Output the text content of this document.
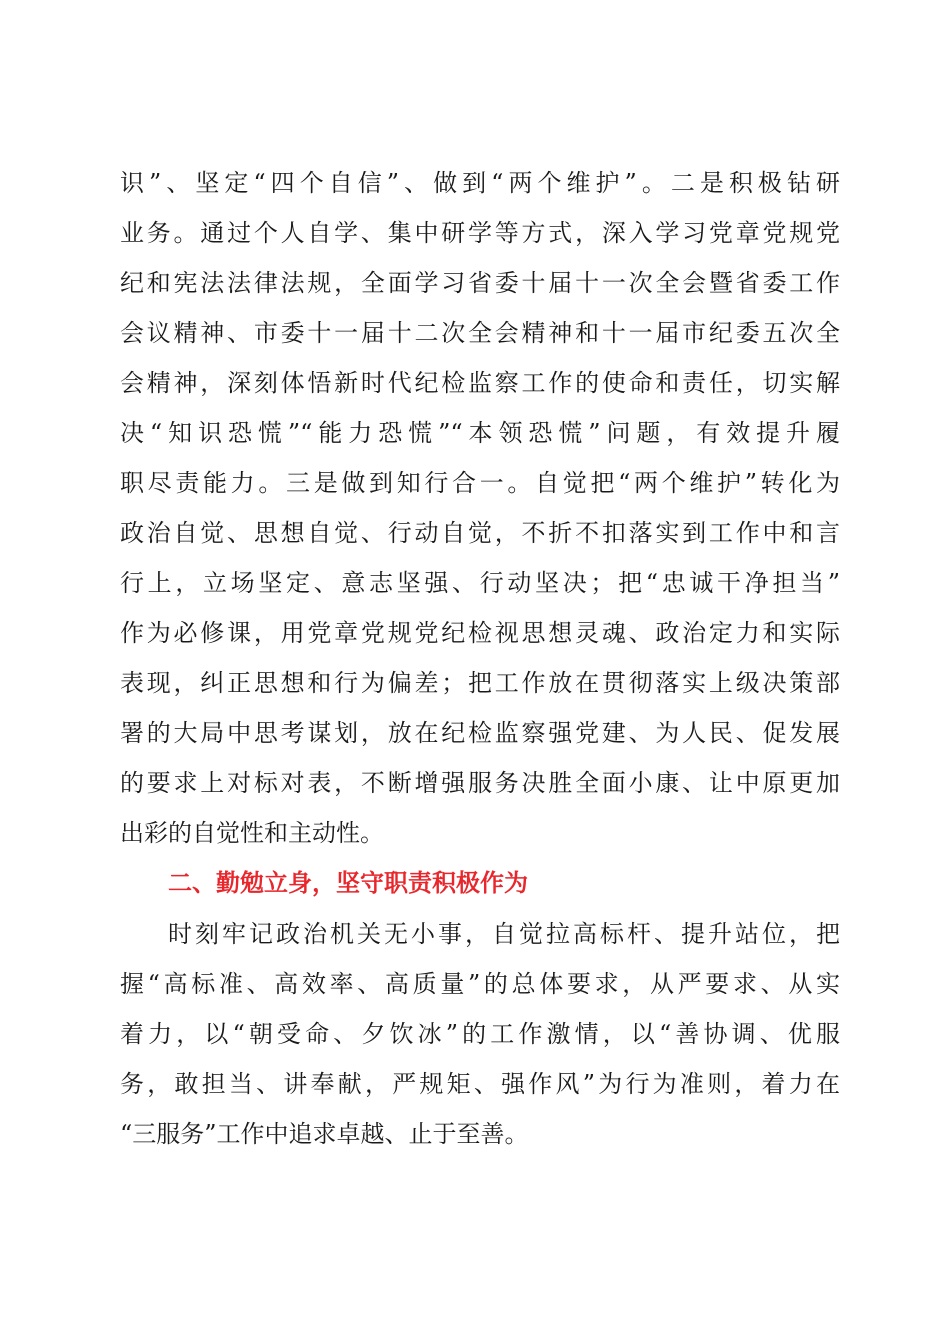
识”、坚定“四个自信”、做到“两个维护”。二是积极钻研
业务。通过个人自学、集中研学等方式，深入学习党章党规党
纪和宪法法律法规，全面学习省委十届十一次全会暨省委工作
会议精神、市委十一届十二次全会精神和十一届市纪委五次全
会精神，深刻体悟新时代纪检监察工作的使命和责任，切实解
决“知识恐慌”“能力恐慌”“本领恐慌”问题，有效提升履
职尽责能力。三是做到知行合一。自觉把“两个维护”转化为
政治自觉、思想自觉、行动自觉，不折不扣落实到工作中和言
行上，立场坚定、意志坚强、行动坚决；把“忠诚干净担当”
作为必修课，用党章党规党纪检视思想灵魂、政治定力和实际
表现，纠正思想和行为偏差；把工作放在贯彻落实上级决策部
署的大局中思考谋划，放在纪检监察强党建、为人民、促发展
的要求上对标对表，不断增强服务决胜全面小康、让中原更加
出彩的自觉性和主动性。
二、勤勉立身，坚守职责积极作为
时刻牢记政治机关无小事，自觉拉高标杆、提升站位，把
握“高标准、高效率、高质量”的总体要求，从严要求、从实
着力，以“朝受命、夕饮冰”的工作激情，以“善协调、优服
务，敢担当、讲奉献，严规矩、强作风”为行为准则，着力在
“三服务”工作中追求卓越、止于至善。
